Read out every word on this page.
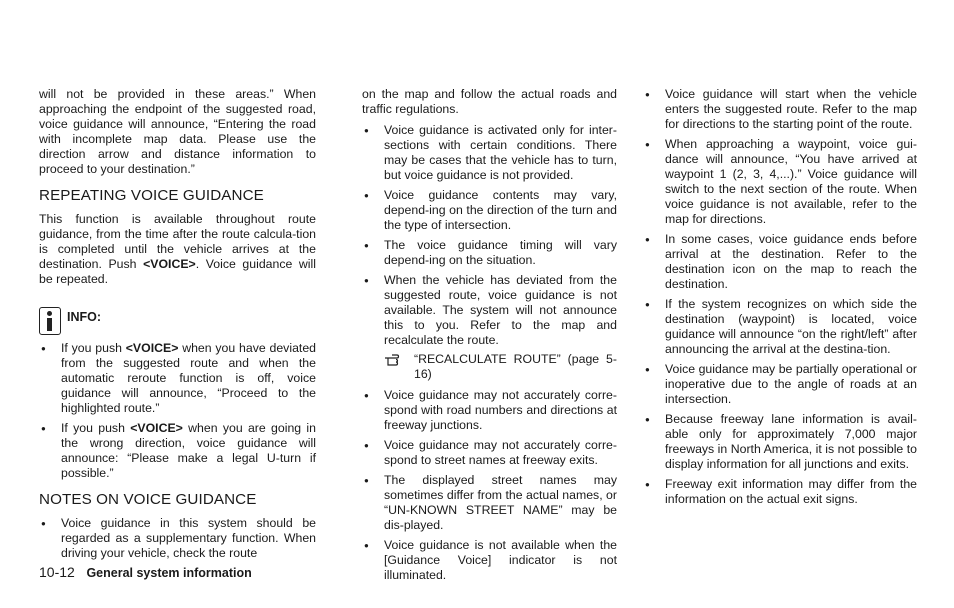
will not be provided in these areas.” When approaching the endpoint of the suggested road, voice guidance will announce, “Entering the road with incomplete map data. Please use the direction arrow and distance information to proceed to your destination.”

REPEATING VOICE GUIDANCE

This function is available throughout route guidance, from the time after the route calcula-tion is completed until the vehicle arrives at the destination. Push <VOICE>. Voice guidance will be repeated.

INFO:
● If you push <VOICE> when you have deviated from the suggested route and when the automatic reroute function is off, voice guidance will announce, “Proceed to the highlighted route.”
● If you push <VOICE> when you are going in the wrong direction, voice guidance will announce: “Please make a legal U-turn if possible.”
NOTES ON VOICE GUIDANCE
● Voice guidance in this system should be regarded as a supplementary function. When driving your vehicle, check the route

on the map and follow the actual roads and traffic regulations.

● Voice guidance is activated only for inter-sections with certain conditions. There may be cases that the vehicle has to turn, but voice guidance is not provided.
● Voice guidance contents may vary, depend-ing on the direction of the turn and the type of intersection.
● The voice guidance timing will vary depend-ing on the situation.
● When the vehicle has deviated from the suggested route, voice guidance is not available. The system will not announce this to you. Refer to the map and recalculate the route.
“RECALCULATE ROUTE” (page 5-16)
● Voice guidance may not accurately corre-spond with road numbers and directions at freeway junctions.
● Voice guidance may not accurately corre-spond to street names at freeway exits.
● The displayed street names may sometimes differ from the actual names, or “UN-KNOWN STREET NAME” may be dis-played.
● Voice guidance is not available when the [Guidance Voice] indicator is not illuminated.
● Voice guidance will start when the vehicle enters the suggested route. Refer to the map for directions to the starting point of the route.
● When approaching a waypoint, voice gui-dance will announce, “You have arrived at waypoint 1 (2, 3, 4,...).” Voice guidance will switch to the next section of the route. When voice guidance is not available, refer to the map for directions.
● In some cases, voice guidance ends before arrival at the destination. Refer to the destination icon on the map to reach the destination.
● If the system recognizes on which side the destination (waypoint) is located, voice guidance will announce “on the right/left” after announcing the arrival at the destina-tion.
● Voice guidance may be partially operational or inoperative due to the angle of roads at an intersection.
● Because freeway lane information is avail-able only for approximately 7,000 major freeways in North America, it is not possible to display information for all junctions and exits.
● Freeway exit information may differ from the information on the actual exit signs.
10-12 General system information
